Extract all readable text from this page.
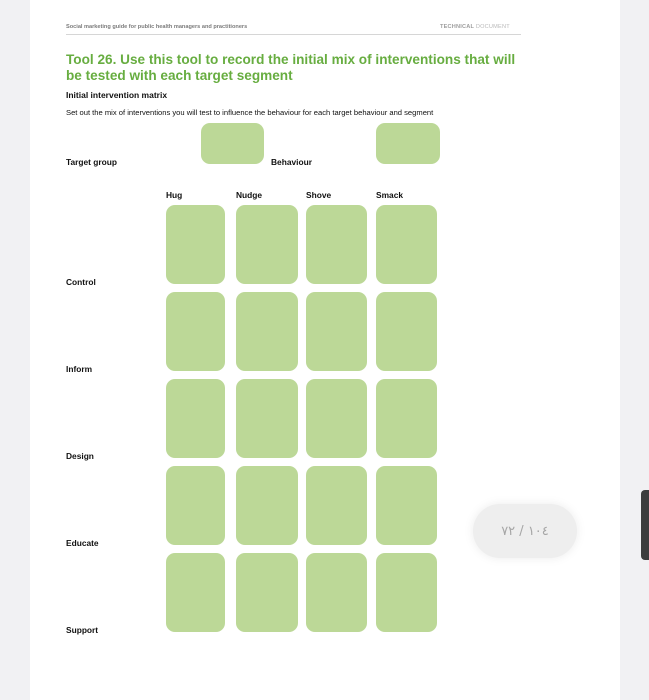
Social marketing guide for public health managers and practitioners	TECHNICAL DOCUMENT
Tool 26. Use this tool to record the initial mix of interventions that will be tested with each target segment
Initial intervention matrix
Set out the mix of interventions you will test to influence the behaviour for each target behaviour and segment
Target group	Behaviour
Hug	Nudge	Shove	Smack
Control
Inform
Design
Educate
Support
١٠٤ / ٧٢
